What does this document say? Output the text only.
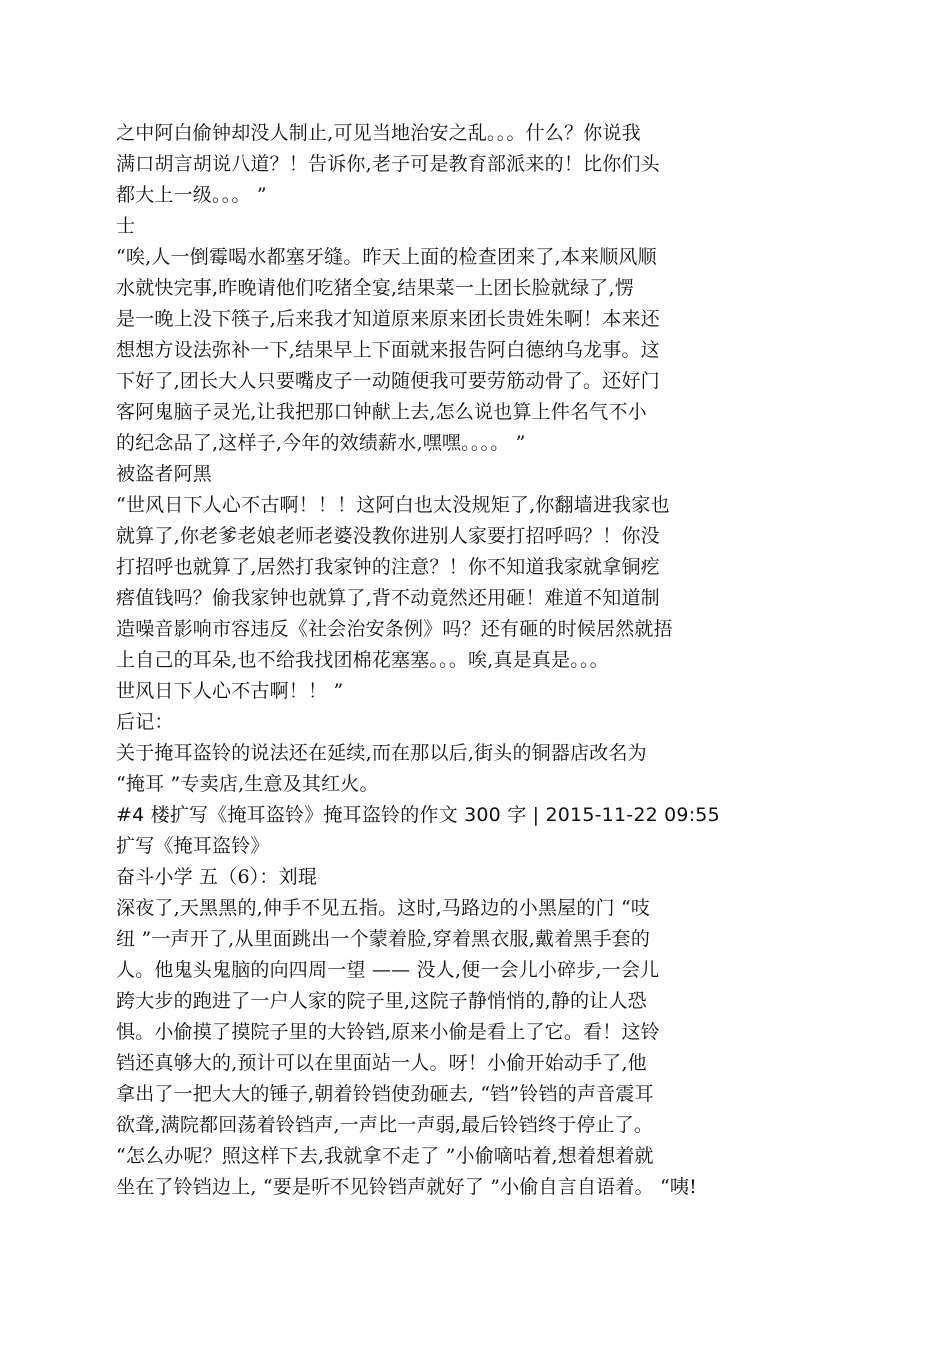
之中阿白偷钟却没人制止,可见当地治安之乱。。。什么？你说我
满口胡言胡说八道？！告诉你,老子可是教育部派来的！比你们头
都大上一级。。。 ”
士
“唉,人一倒霉喝水都塞牙缝。昨天上面的检查团来了,本来顺风顺
水就快完事,昨晚请他们吃猪全宴,结果菜一上团长脸就绿了,愣
是一晚上没下筷子,后来我才知道原来原来团长贵姓朱啊！本来还
想想方设法弥补一下,结果早上下面就来报告阿白德纳乌龙事。这
下好了,团长大人只要嘴皮子一动随便我可要劳筋动骨了。还好门
客阿鬼脑子灵光,让我把那口钟献上去,怎么说也算上件名气不小
的纪念品了,这样子,今年的效绩薪水,嘿嘿。。。。 ”
被盗者阿黑
“世风日下人心不古啊！！！这阿白也太没规矩了,你翻墙进我家也
就算了,你老爹老娘老师老婆没教你进别人家要打招呼吗？！你没
打招呼也就算了,居然打我家钟的注意？！你不知道我家就拿铜疙
瘩值钱吗？偷我家钟也就算了,背不动竟然还用砸！难道不知道制
造噪音影响市容违反《社会治安条例》吗？还有砸的时候居然就捂
上自己的耳朵,也不给我找团棉花塞塞。。。唉,真是真是。。。
世风日下人心不古啊！！ ”
后记：
关于掩耳盗铃的说法还在延续,而在那以后,街头的铜器店改名为
“掩耳 ”专卖店,生意及其红火。
#4 楼扩写《掩耳盗铃》掩耳盗铃的作文 300 字 | 2015-11-22 09:55
扩写《掩耳盗铃》
奋斗小学 五（6）：刘琨
深夜了,天黑黑的,伸手不见五指。这时,马路边的小黑屋的门 “吱
纽 ”一声开了,从里面跳出一个蒙着脸,穿着黑衣服,戴着黑手套的
人。他鬼头鬼脑的向四周一望 —— 没人,便一会儿小碎步,一会儿
跨大步的跑进了一户人家的院子里,这院子静悄悄的,静的让人恐
惧。小偷摸了摸院子里的大铃铛,原来小偷是看上了它。看！这铃
铛还真够大的,预计可以在里面站一人。呀！小偷开始动手了,他
拿出了一把大大的锤子,朝着铃铛使劲砸去, “铛”铃铛的声音震耳
欲聋,满院都回荡着铃铛声,一声比一声弱,最后铃铛终于停止了。
“怎么办呢？照这样下去,我就拿不走了 ”小偷嘀咕着,想着想着就
坐在了铃铛边上, “要是听不见铃铛声就好了 ”小偷自言自语着。 “咦!
